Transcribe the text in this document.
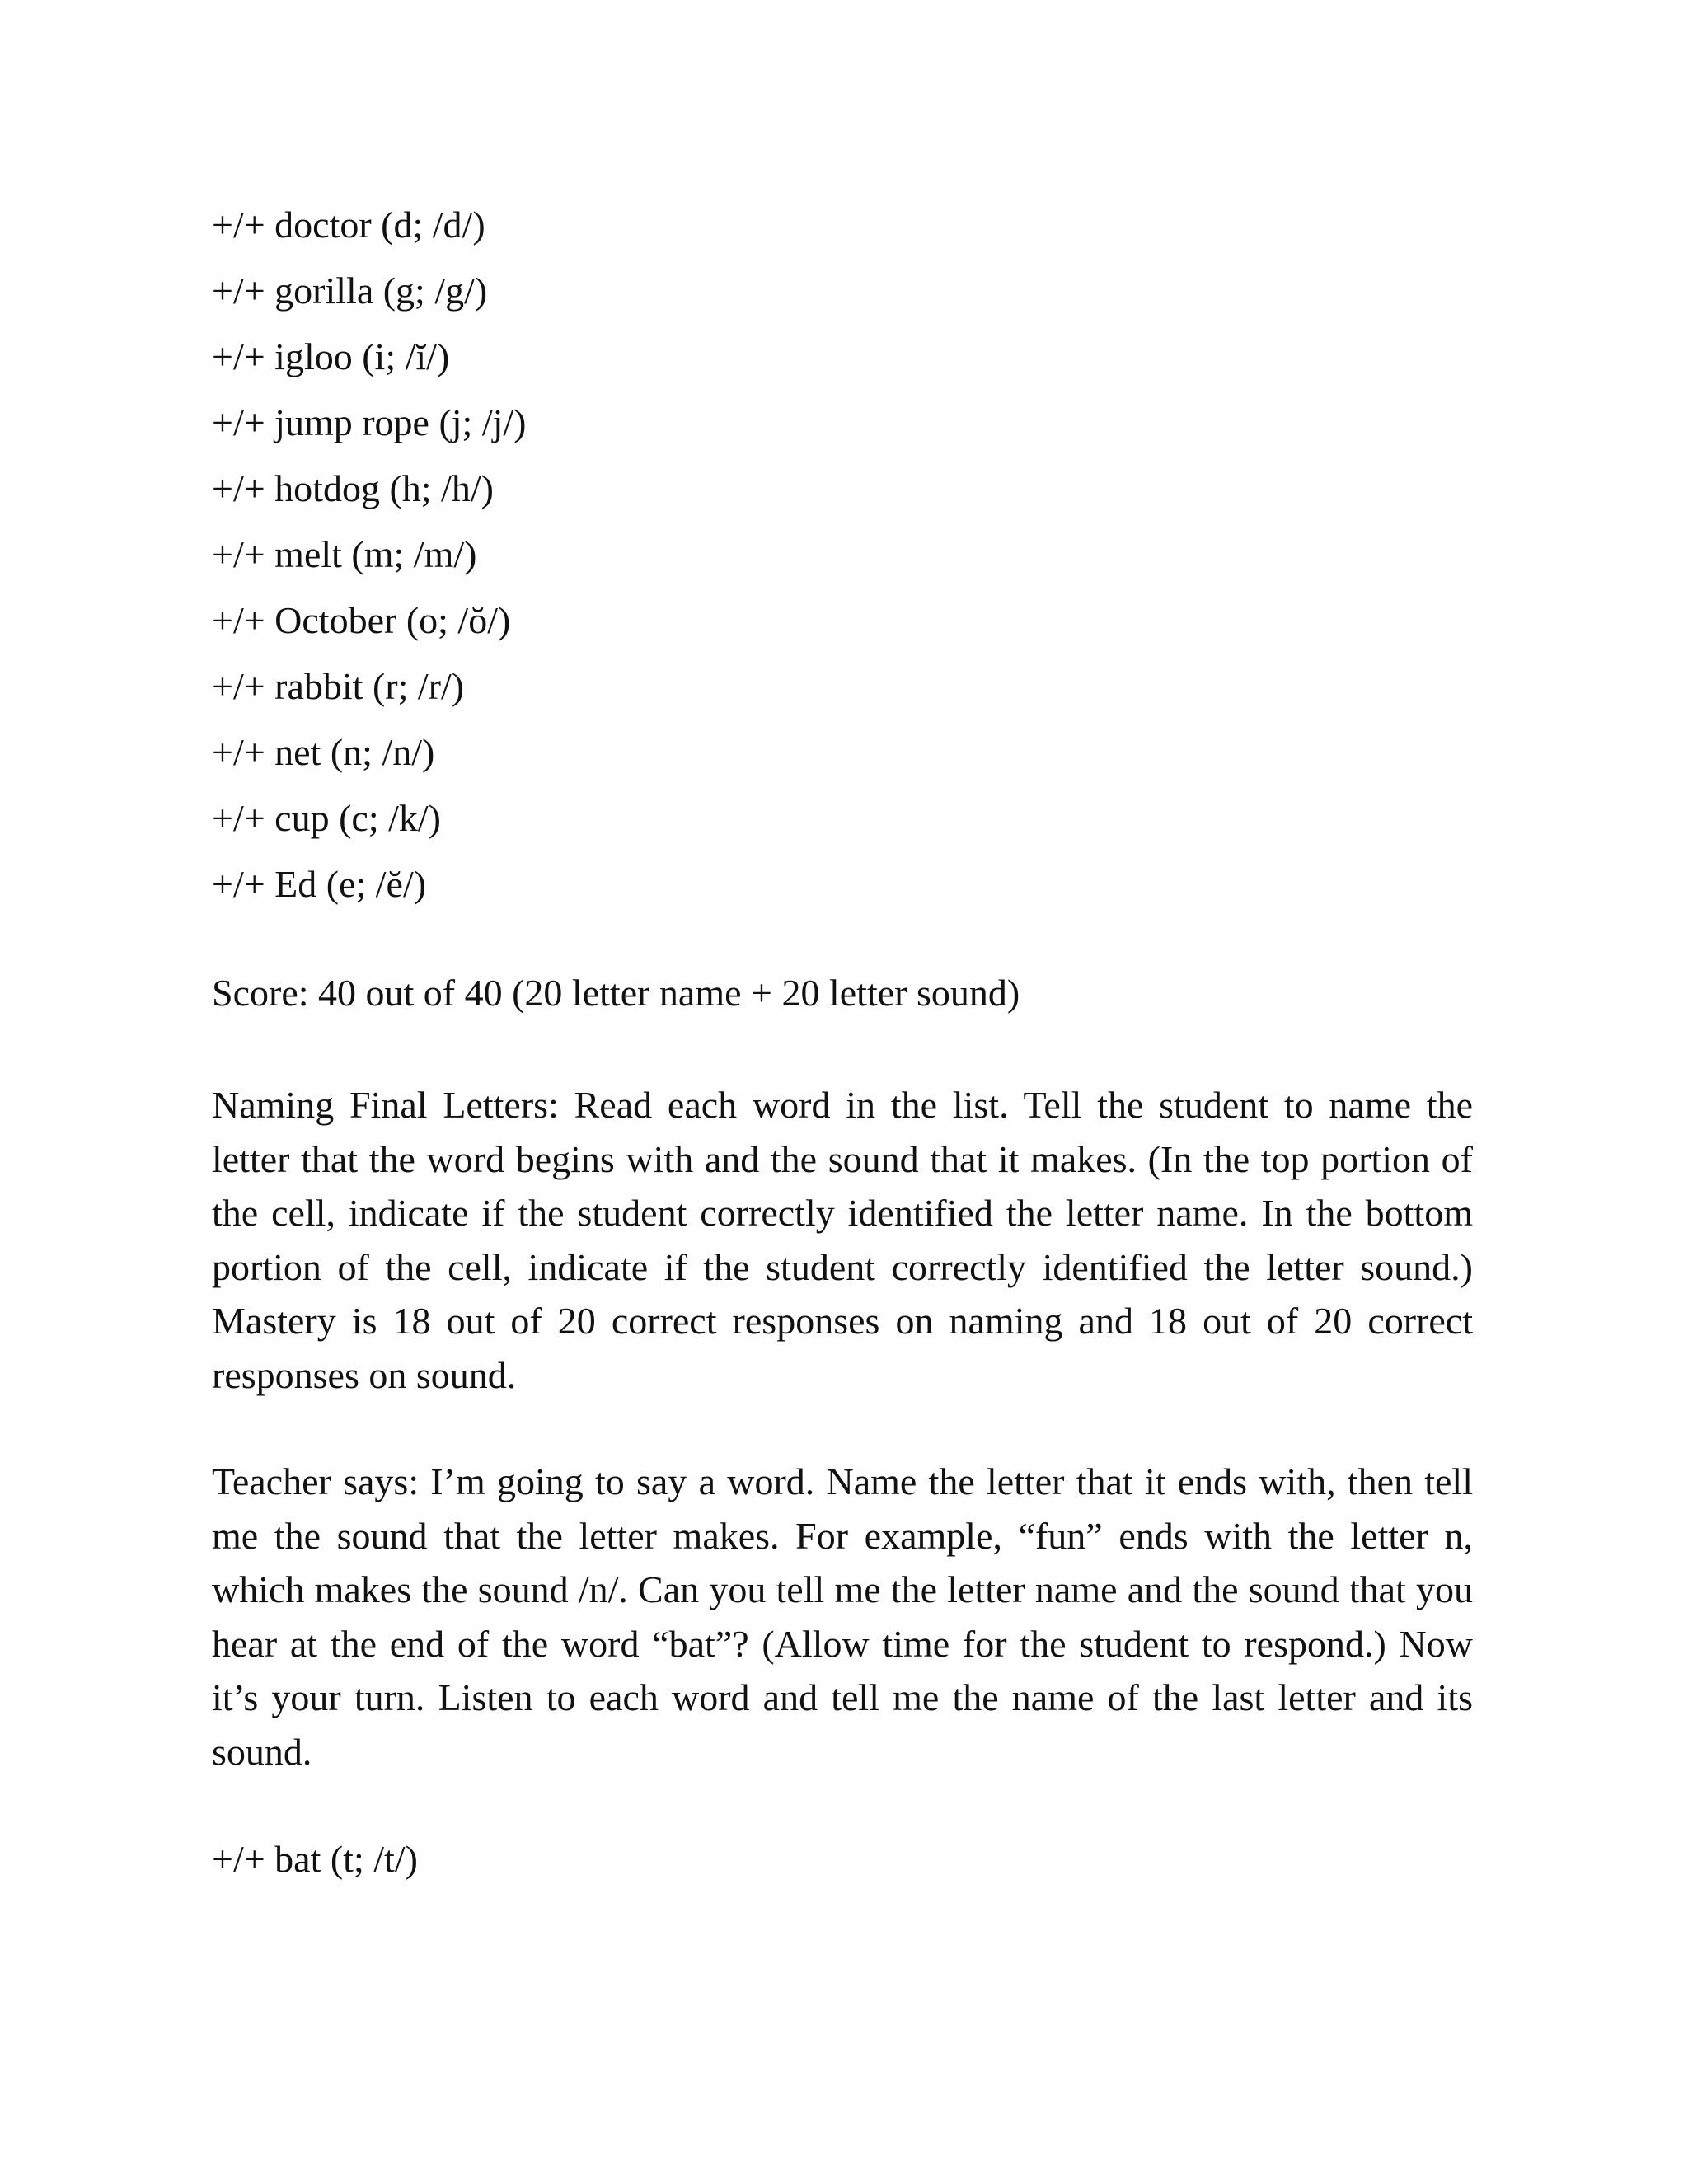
+/+ doctor (d; /d/)
+/+ gorilla (g; /g/)
+/+ igloo (i; /ĭ/)
+/+ jump rope (j; /j/)
+/+ hotdog (h; /h/)
+/+ melt (m; /m/)
+/+ October (o; /ŏ/)
+/+ rabbit (r; /r/)
+/+ net (n; /n/)
+/+ cup (c; /k/)
+/+ Ed (e; /ĕ/)
Score: 40 out of 40 (20 letter name + 20 letter sound)

Naming Final Letters: Read each word in the list. Tell the student to name the letter that the word begins with and the sound that it makes. (In the top portion of the cell, indicate if the student correctly identified the letter name. In the bottom portion of the cell, indicate if the student correctly identified the letter sound.) Mastery is 18 out of 20 correct responses on naming and 18 out of 20 correct responses on sound.

Teacher says: I’m going to say a word. Name the letter that it ends with, then tell me the sound that the letter makes. For example, “fun” ends with the letter n, which makes the sound /n/. Can you tell me the letter name and the sound that you hear at the end of the word “bat”? (Allow time for the student to respond.) Now it’s your turn. Listen to each word and tell me the name of the last letter and its sound.

+/+ bat (t; /t/)
